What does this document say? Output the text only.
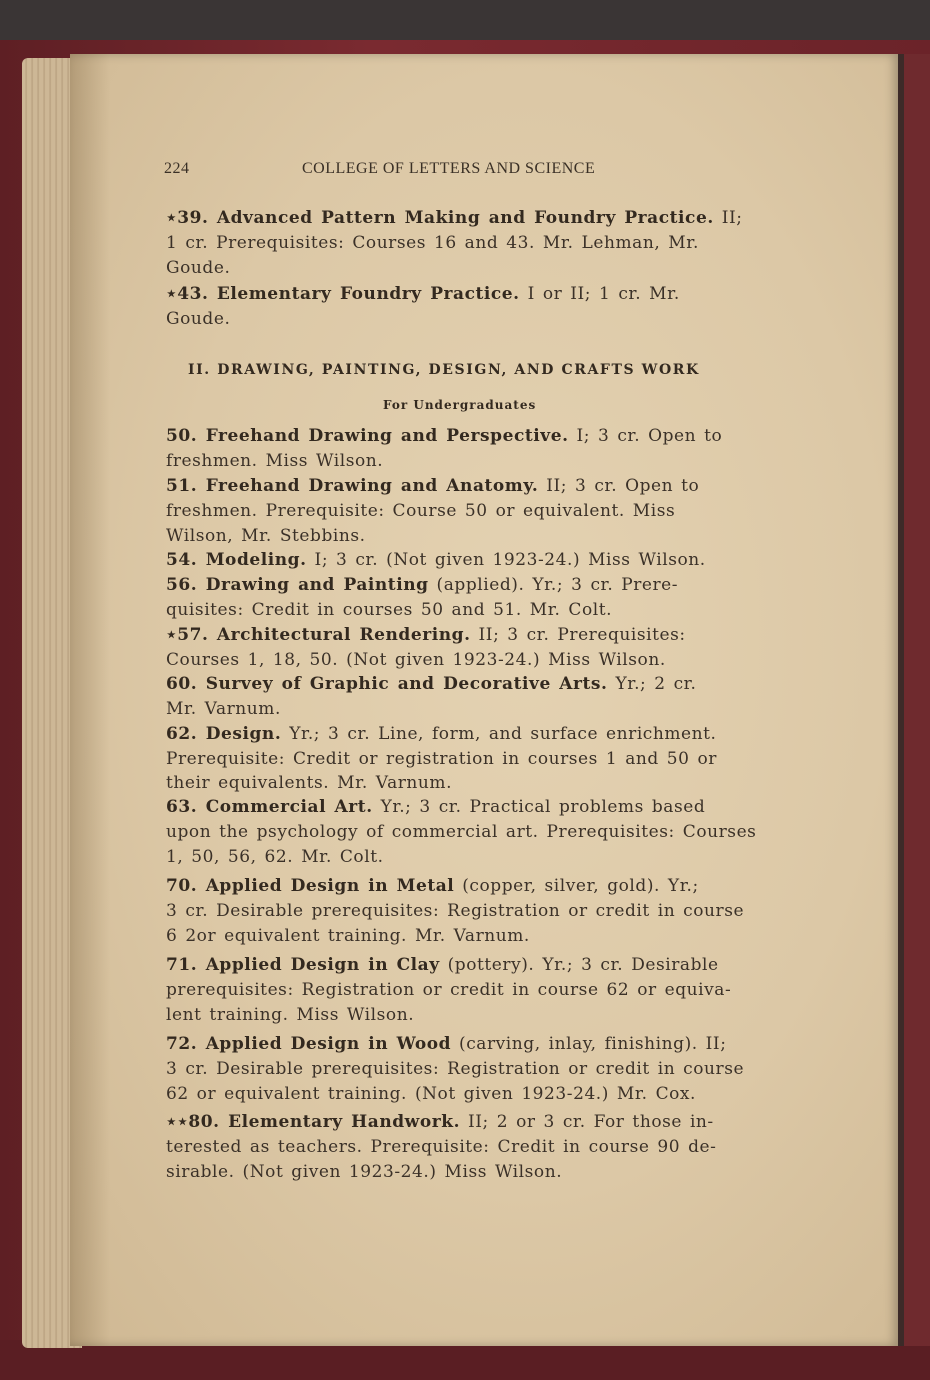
224	COLLEGE OF LETTERS AND SCIENCE
⋆39. Advanced Pattern Making and Foundry Practice. II;
1 cr. Prerequisites: Courses 16 and 43. Mr. Lehman, Mr.
Goude.
⋆43. Elementary Foundry Practice. I or II; 1 cr. Mr.
Goude.
II. DRAWING, PAINTING, DESIGN, AND CRAFTS WORK
For Undergraduates
50. Freehand Drawing and Perspective. I; 3 cr. Open to
freshmen. Miss Wilson.
51. Freehand Drawing and Anatomy. II; 3 cr. Open to
freshmen. Prerequisite: Course 50 or equivalent. Miss
Wilson, Mr. Stebbins.
54. Modeling. I; 3 cr. (Not given 1923-24.) Miss Wilson.
56. Drawing and Painting (applied). Yr.; 3 cr. Prere-
quisites: Credit in courses 50 and 51. Mr. Colt.
⋆57. Architectural Rendering. II; 3 cr. Prerequisites:
Courses 1, 18, 50. (Not given 1923-24.) Miss Wilson.
60. Survey of Graphic and Decorative Arts. Yr.; 2 cr.
Mr. Varnum.
62. Design. Yr.; 3 cr. Line, form, and surface enrichment.
Prerequisite: Credit or registration in courses 1 and 50 or
their equivalents. Mr. Varnum.
63. Commercial Art. Yr.; 3 cr. Practical problems based
upon the psychology of commercial art. Prerequisites: Courses
1, 50, 56, 62. Mr. Colt.
70. Applied Design in Metal (copper, silver, gold). Yr.;
3 cr. Desirable prerequisites: Registration or credit in course
6 2or equivalent training. Mr. Varnum.
71. Applied Design in Clay (pottery). Yr.; 3 cr. Desirable
prerequisites: Registration or credit in course 62 or equiva-
lent training. Miss Wilson.
72. Applied Design in Wood (carving, inlay, finishing). II;
3 cr. Desirable prerequisites: Registration or credit in course
62 or equivalent training. (Not given 1923-24.) Mr. Cox.
⋆⋆80. Elementary Handwork. II; 2 or 3 cr. For those in-
terested as teachers. Prerequisite: Credit in course 90 de-
sirable. (Not given 1923-24.) Miss Wilson.
